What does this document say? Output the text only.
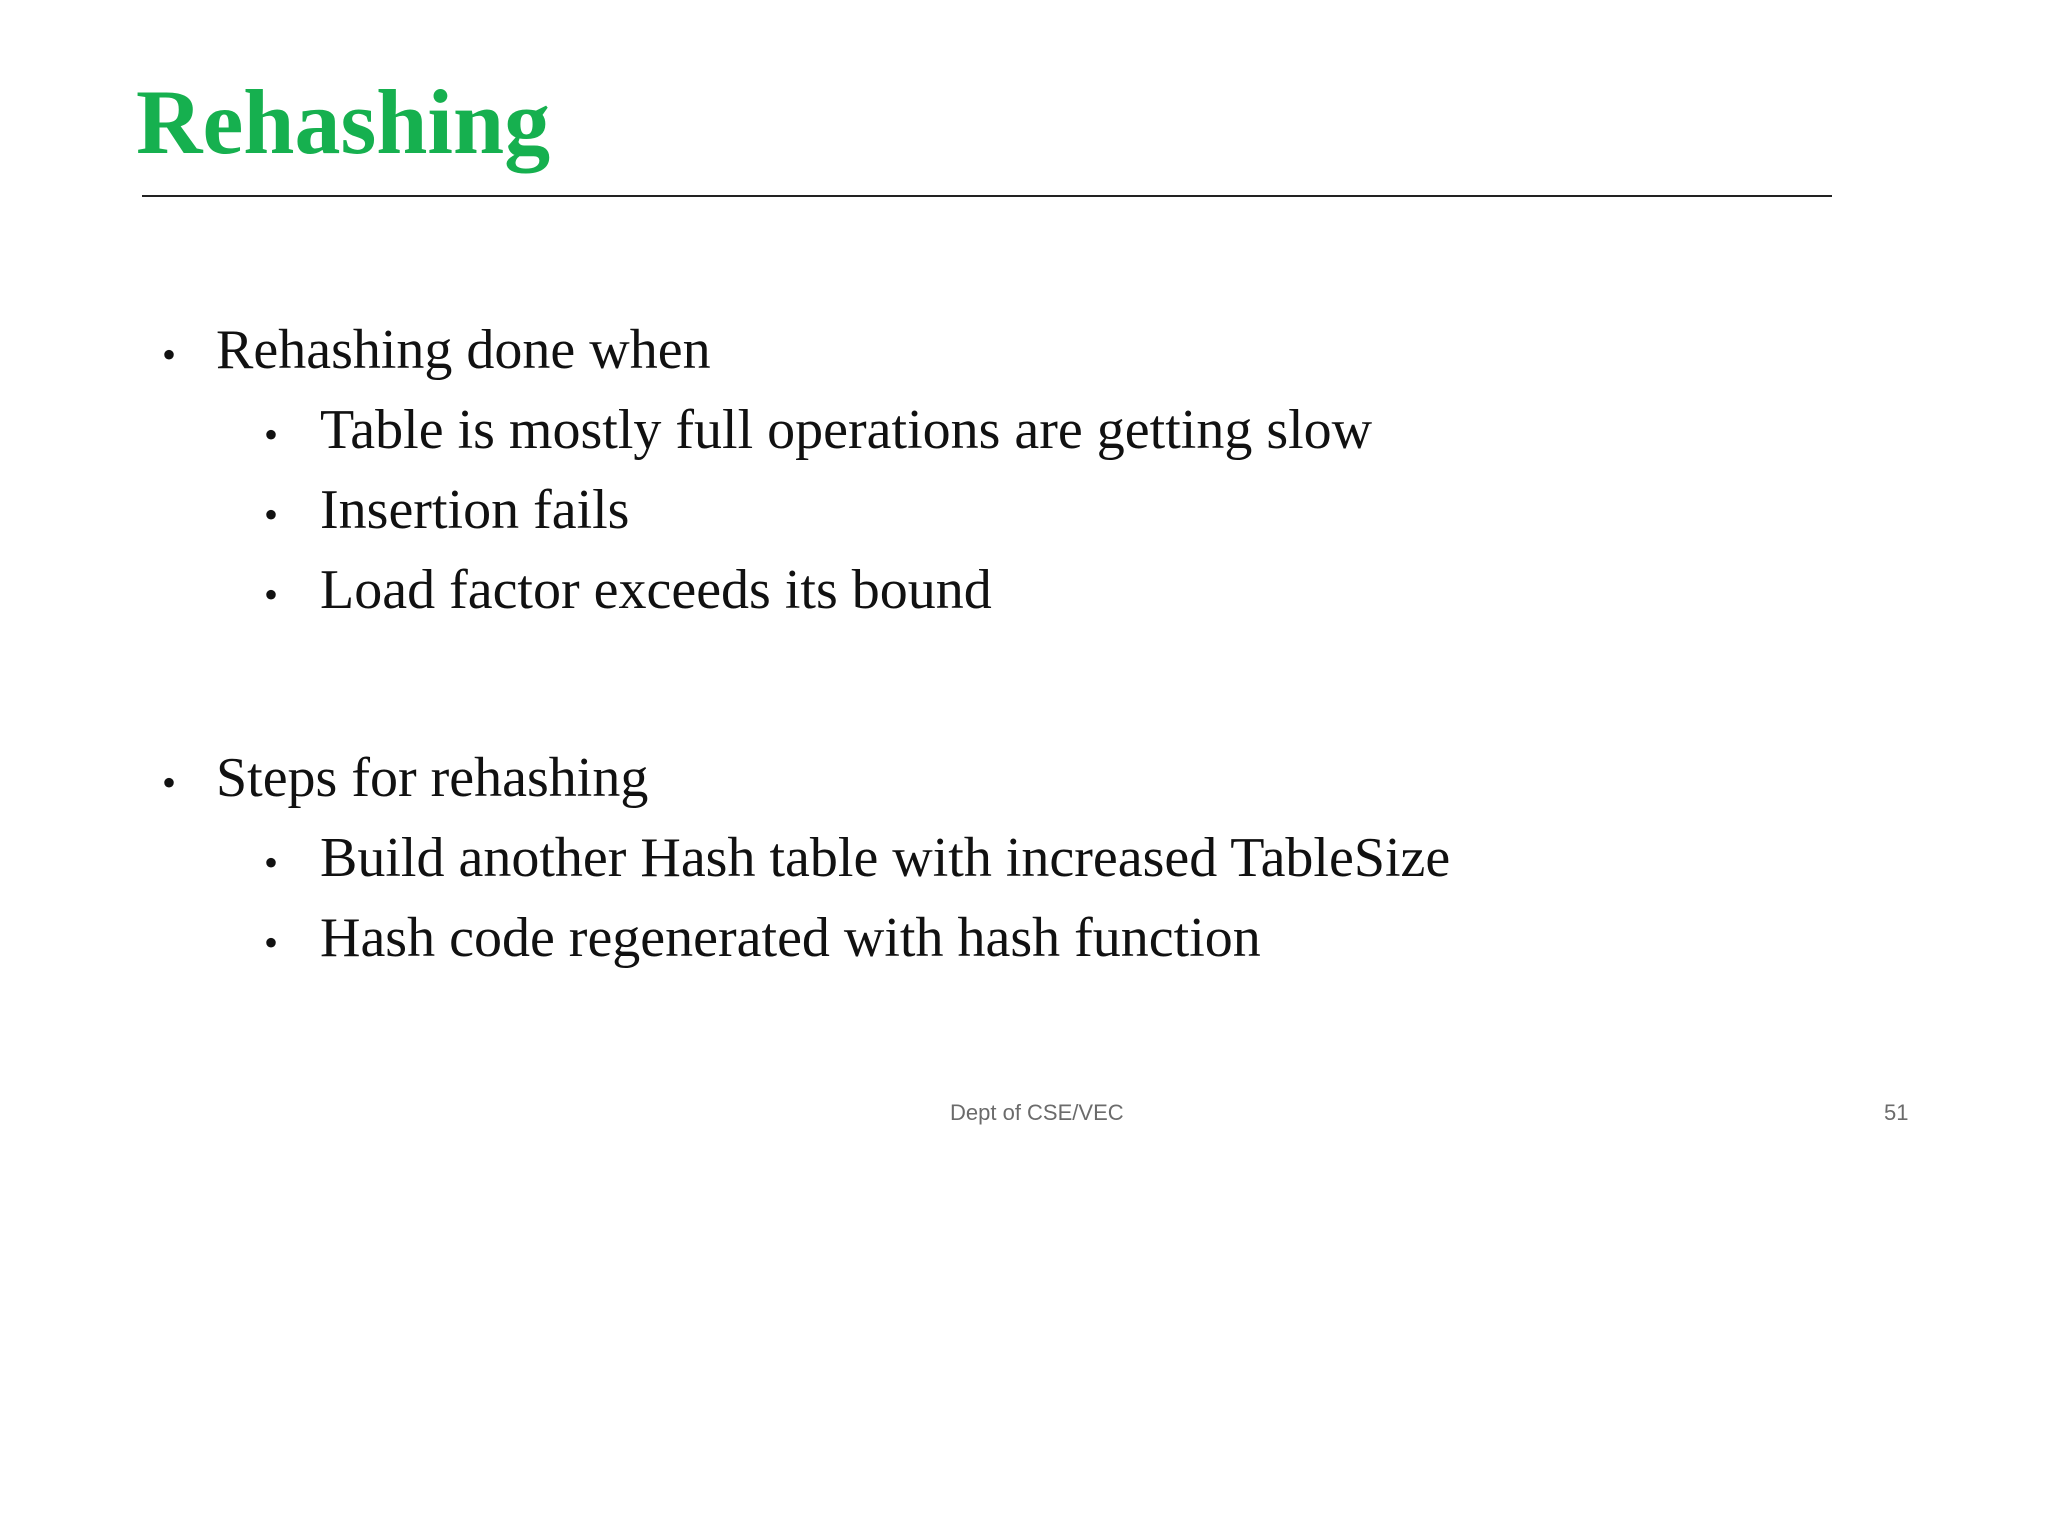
Rehashing
• Rehashing done when
• Table is mostly full operations are getting slow
• Insertion fails
• Load factor exceeds its bound
• Steps for rehashing
• Build another Hash table with increased TableSize
• Hash code regenerated with hash function
Dept of CSE/VEC	51
